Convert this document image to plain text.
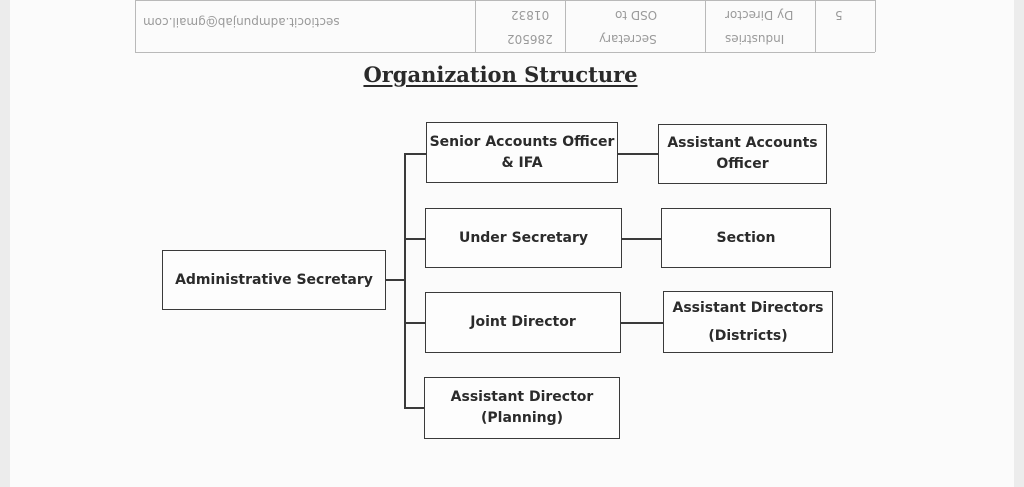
sectiocit.admpunjab@gmail.com	01832
286502
OSD to
Secretary
Dy Director
Industries
5
Organization Structure
Administrative Secretary
Senior Accounts Officer
& IFA
Assistant Accounts
Officer
Under Secretary	Section
Joint Director
Assistant Directors
(Districts)
Assistant Director
(Planning)
